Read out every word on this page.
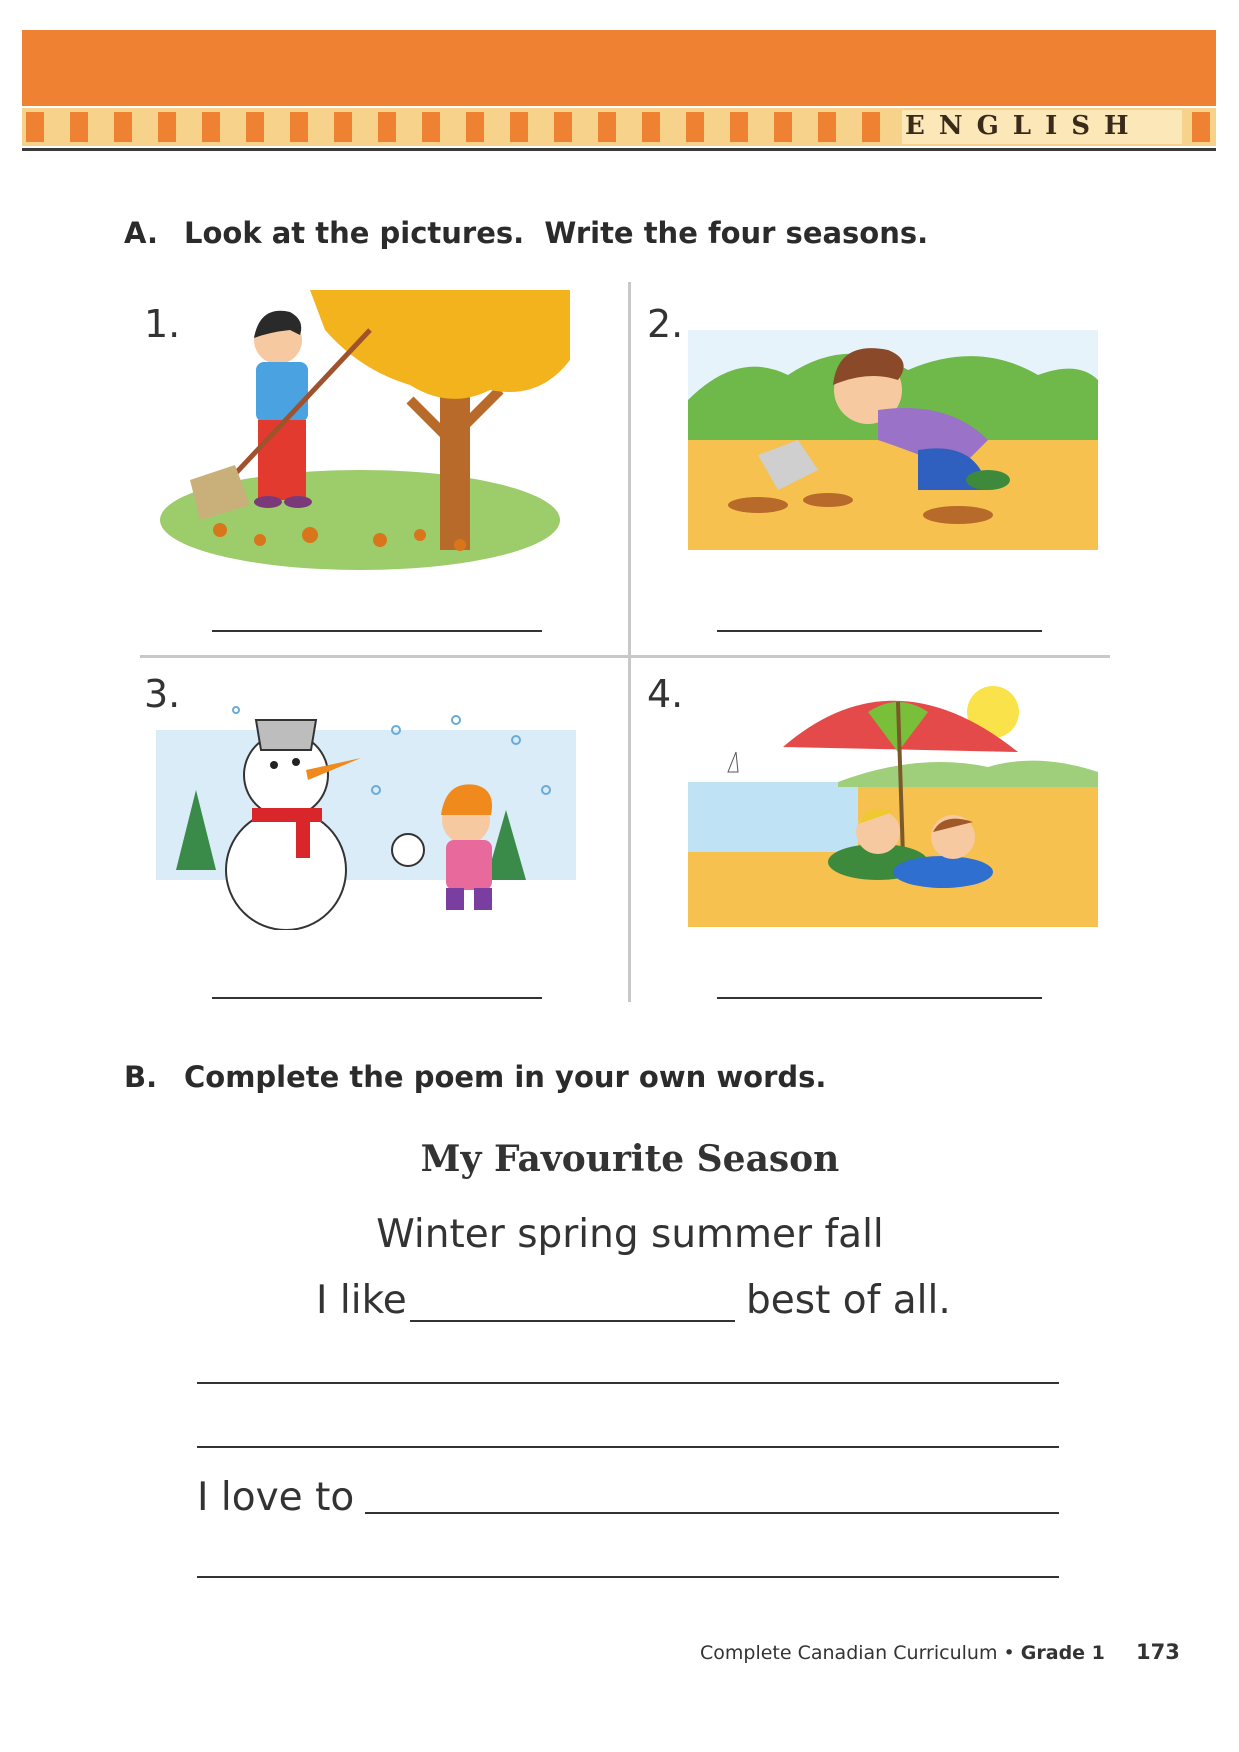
ENGLISH
A. Look at the pictures.  Write the four seasons.
1.	2.
3.	4.
B. Complete the poem in your own words.
My Favourite Season
Winter spring summer fall
I like	best of all.
I love to
Complete Canadian Curriculum • Grade 1 173
